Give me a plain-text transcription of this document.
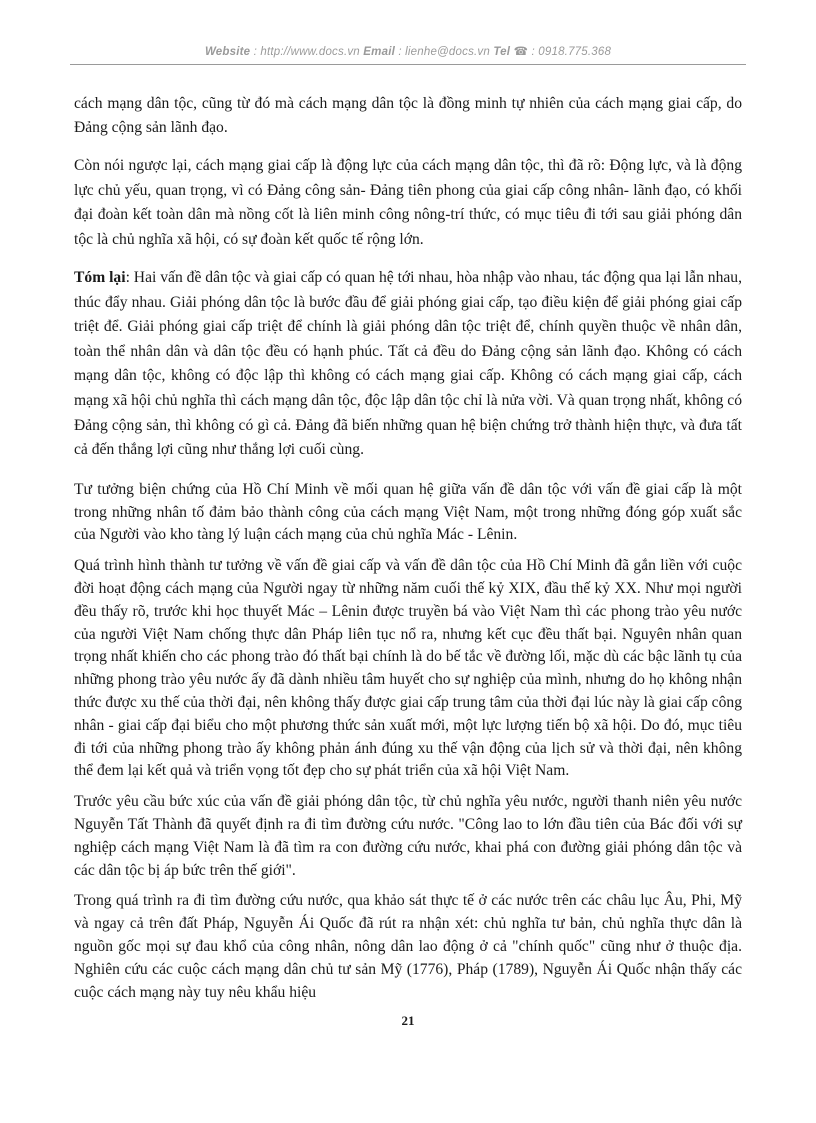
Website : http://www.docs.vn Email : lienhe@docs.vn Tel ☎ : 0918.775.368

cách mạng dân tộc, cũng từ đó mà cách mạng dân tộc là đồng minh tự nhiên của cách mạng giai cấp, do Đảng cộng sản lãnh đạo.

Còn nói ngược lại, cách mạng giai cấp là động lực của cách mạng dân tộc, thì đã rõ: Động lực, và là động lực chủ yếu, quan trọng, vì có Đảng công sản- Đảng tiên phong của giai cấp công nhân- lãnh đạo, có khối đại đoàn kết toàn dân mà nồng cốt là liên minh công nông-trí thức, có mục tiêu đi tới sau giải phóng dân tộc là chủ nghĩa xã hội, có sự đoàn kết quốc tế rộng lớn.

Tóm lại: Hai vấn đề dân tộc và giai cấp có quan hệ tới nhau, hòa nhập vào nhau, tác động qua lại lẫn nhau, thúc đẩy nhau. Giải phóng dân tộc là bước đầu để giải phóng giai cấp, tạo điều kiện để giải phóng giai cấp triệt để. Giải phóng giai cấp triệt để chính là giải phóng dân tộc triệt để, chính quyền thuộc về nhân dân, toàn thể nhân dân và dân tộc đều có hạnh phúc. Tất cả đều do Đảng cộng sản lãnh đạo. Không có cách mạng dân tộc, không có độc lập thì không có cách mạng giai cấp. Không có cách mạng giai cấp, cách mạng xã hội chủ nghĩa thì cách mạng dân tộc, độc lập dân tộc chỉ là nửa vời. Và quan trọng nhất, không có Đảng cộng sản, thì không có gì cả. Đảng đã biến những quan hệ biện chứng trở thành hiện thực, và đưa tất cả đến thắng lợi cũng như thắng lợi cuối cùng.

Tư tưởng biện chứng của Hồ Chí Minh về mối quan hệ giữa vấn đề dân tộc với vấn đề giai cấp là một trong những nhân tố đảm bảo thành công của cách mạng Việt Nam, một trong những đóng góp xuất sắc của Người vào kho tàng lý luận cách mạng của chủ nghĩa Mác - Lênin.

Quá trình hình thành tư tưởng về vấn đề giai cấp và vấn đề dân tộc của Hồ Chí Minh đã gắn liền với cuộc đời hoạt động cách mạng của Người ngay từ những năm cuối thế kỷ XIX, đầu thế kỷ XX. Như mọi người đều thấy rõ, trước khi học thuyết Mác – Lênin được truyền bá vào Việt Nam thì các phong trào yêu nước của người Việt Nam chống thực dân Pháp liên tục nổ ra, nhưng kết cục đều thất bại. Nguyên nhân quan trọng nhất khiến cho các phong trào đó thất bại chính là do bế tắc về đường lối, mặc dù các bậc lãnh tụ của những phong trào yêu nước ấy đã dành nhiều tâm huyết cho sự nghiệp của mình, nhưng do họ không nhận thức được xu thế của thời đại, nên không thấy được giai cấp trung tâm của thời đại lúc này là giai cấp công nhân - giai cấp đại biểu cho một phương thức sản xuất mới, một lực lượng tiến bộ xã hội. Do đó, mục tiêu đi tới của những phong trào ấy không phản ánh đúng xu thế vận động của lịch sử và thời đại, nên không thể đem lại kết quả và triển vọng tốt đẹp cho sự phát triển của xã hội Việt Nam.

Trước yêu cầu bức xúc của vấn đề giải phóng dân tộc, từ chủ nghĩa yêu nước, người thanh niên yêu nước Nguyễn Tất Thành đã quyết định ra đi tìm đường cứu nước. "Công lao to lớn đầu tiên của Bác đối với sự nghiệp cách mạng Việt Nam là đã tìm ra con đường cứu nước, khai phá con đường giải phóng dân tộc và các dân tộc bị áp bức trên thế giới".

Trong quá trình ra đi tìm đường cứu nước, qua khảo sát thực tế ở các nước trên các châu lục Âu, Phi, Mỹ và ngay cả trên đất Pháp, Nguyễn Ái Quốc đã rút ra nhận xét: chủ nghĩa tư bản, chủ nghĩa thực dân là nguồn gốc mọi sự đau khổ của công nhân, nông dân lao động ở cả "chính quốc" cũng như ở thuộc địa. Nghiên cứu các cuộc cách mạng dân chủ tư sản Mỹ (1776), Pháp (1789), Nguyễn Ái Quốc nhận thấy các cuộc cách mạng này tuy nêu khẩu hiệu

21
